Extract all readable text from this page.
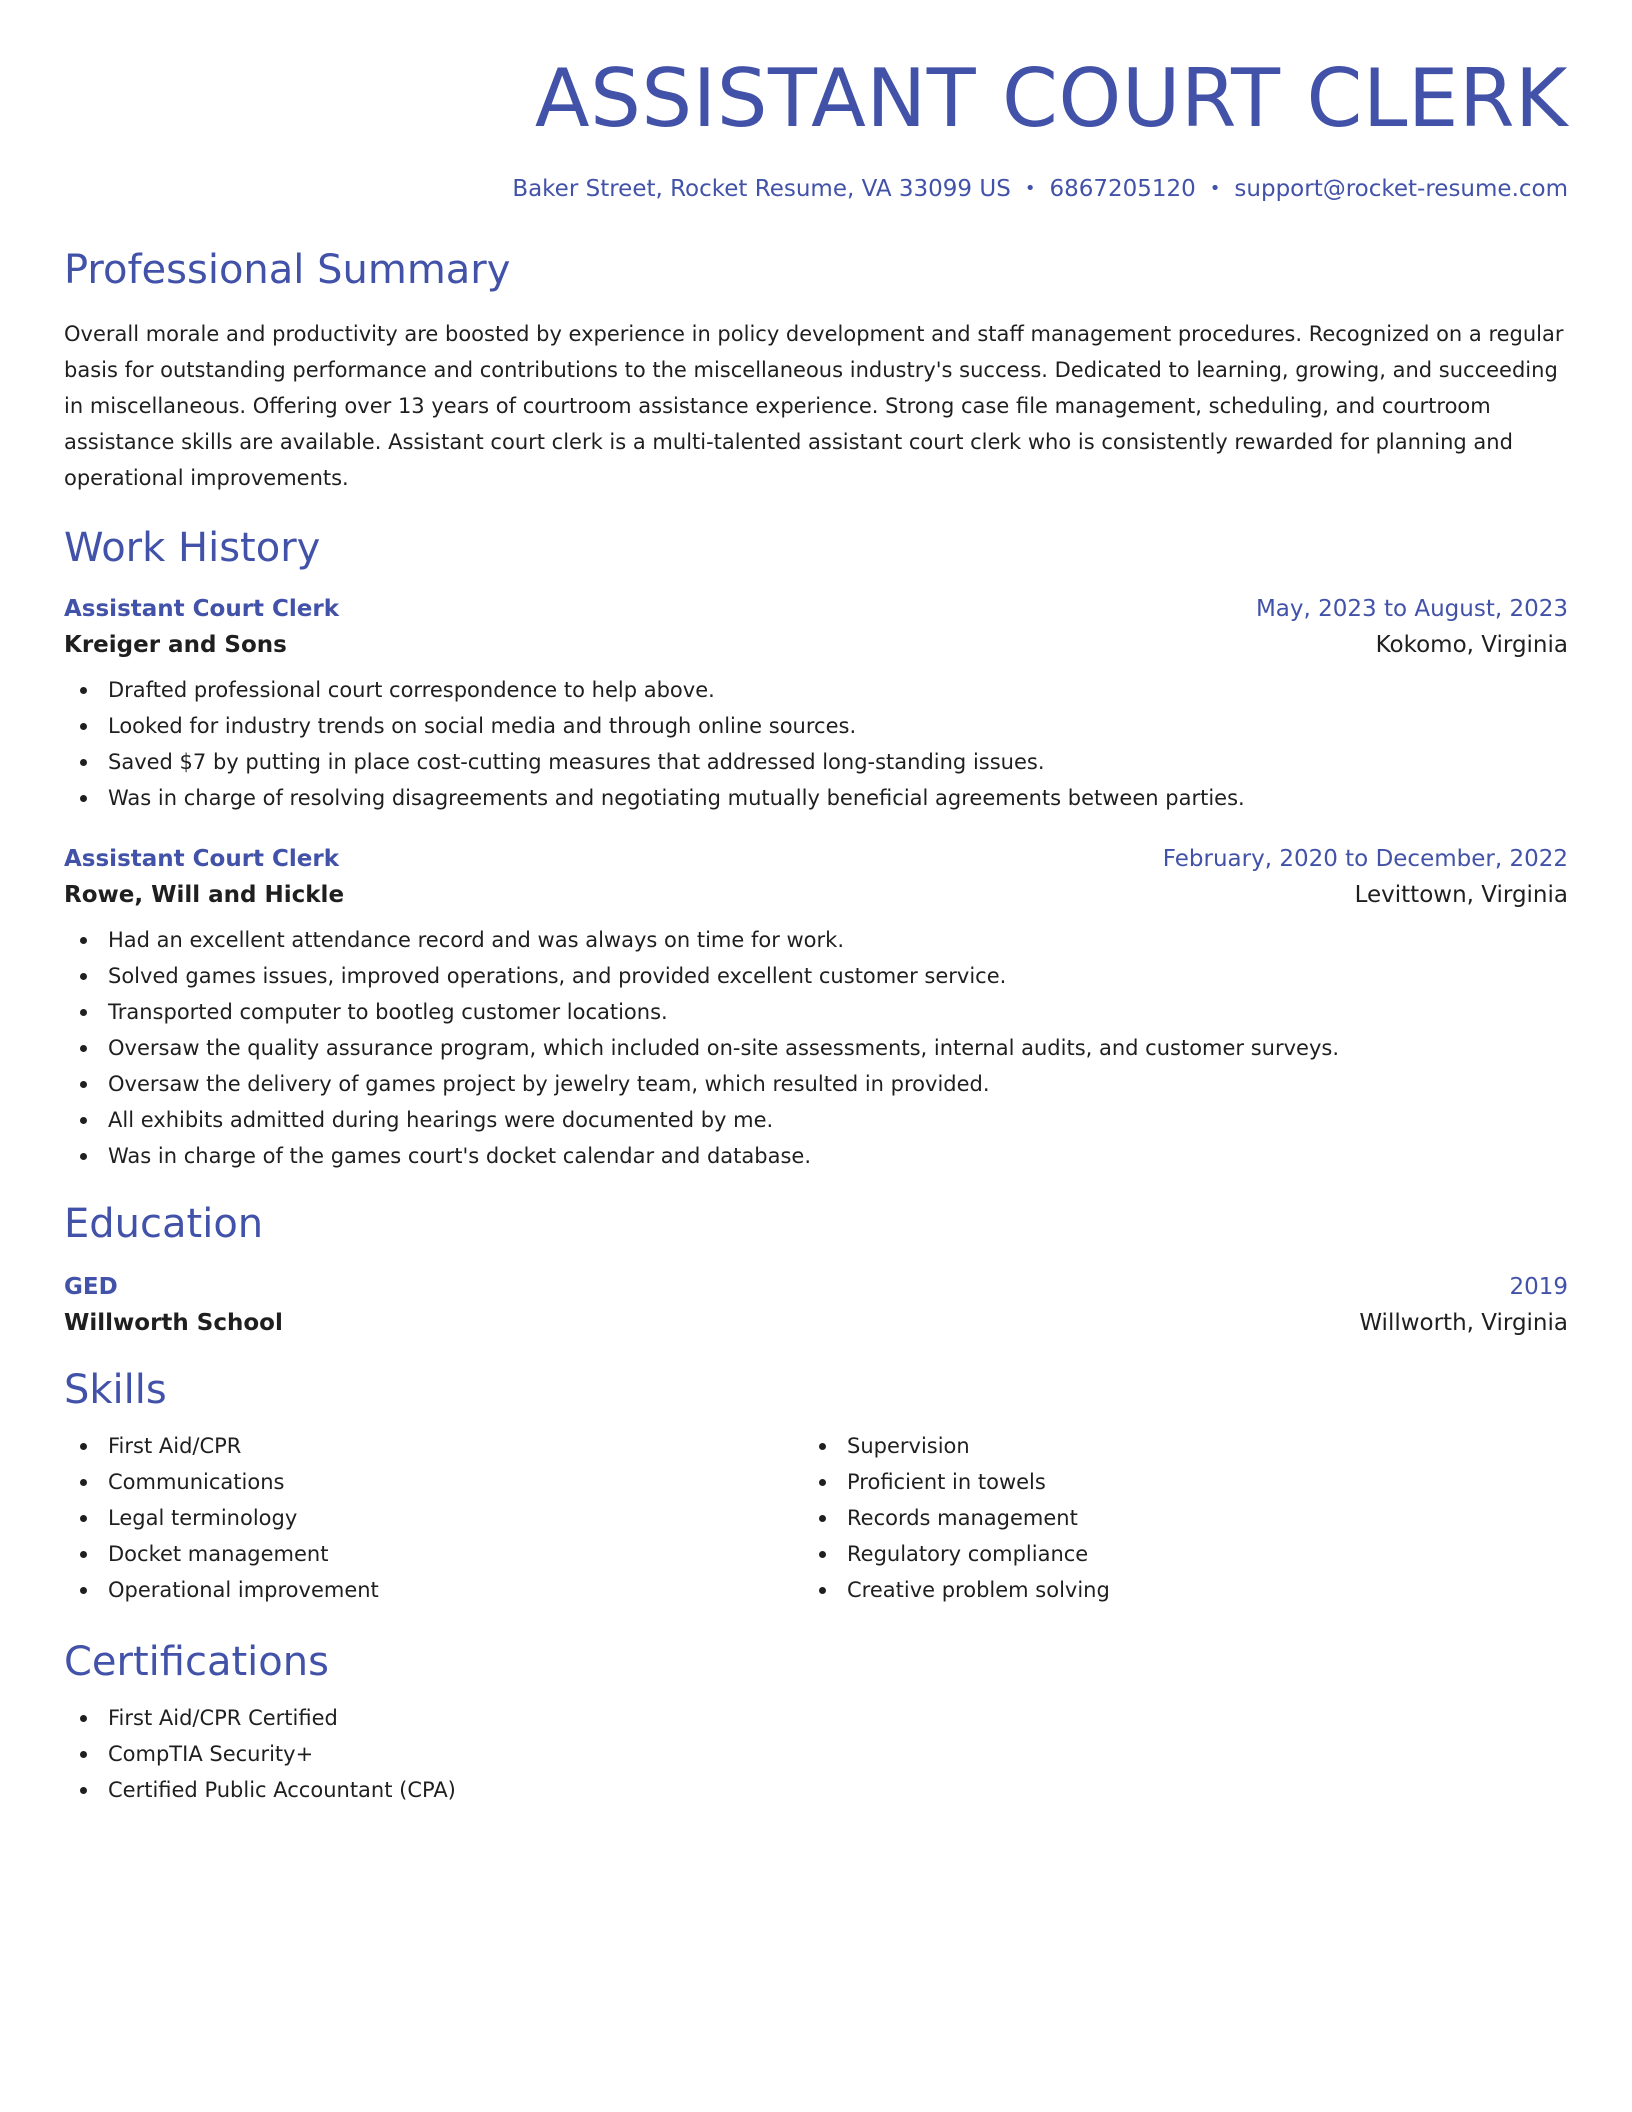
ASSISTANT COURT CLERK
Baker Street, Rocket Resume, VA 33099 US • 6867205120 • support@rocket-resume.com
Professional Summary

Overall morale and productivity are boosted by experience in policy development and staff management procedures. Recognized on a regular basis for outstanding performance and contributions to the miscellaneous industry's success. Dedicated to learning, growing, and succeeding in miscellaneous. Offering over 13 years of courtroom assistance experience. Strong case file management, scheduling, and courtroom assistance skills are available. Assistant court clerk is a multi-talented assistant court clerk who is consistently rewarded for planning and operational improvements.

Work History
Assistant Court Clerk	May, 2023 to August, 2023
Kreiger and Sons	Kokomo, Virginia
Drafted professional court correspondence to help above.
Looked for industry trends on social media and through online sources.
Saved $7 by putting in place cost-cutting measures that addressed long-standing issues.
Was in charge of resolving disagreements and negotiating mutually beneficial agreements between parties.
Assistant Court Clerk	February, 2020 to December, 2022
Rowe, Will and Hickle	Levittown, Virginia
Had an excellent attendance record and was always on time for work.
Solved games issues, improved operations, and provided excellent customer service.
Transported computer to bootleg customer locations.
Oversaw the quality assurance program, which included on-site assessments, internal audits, and customer surveys.
Oversaw the delivery of games project by jewelry team, which resulted in provided.
All exhibits admitted during hearings were documented by me.
Was in charge of the games court's docket calendar and database.
Education
GED	2019
Willworth School	Willworth, Virginia
Skills
First Aid/CPR
Communications
Legal terminology
Docket management
Operational improvement
Supervision
Proficient in towels
Records management
Regulatory compliance
Creative problem solving
Certifications
First Aid/CPR Certified
CompTIA Security+
Certified Public Accountant (CPA)
